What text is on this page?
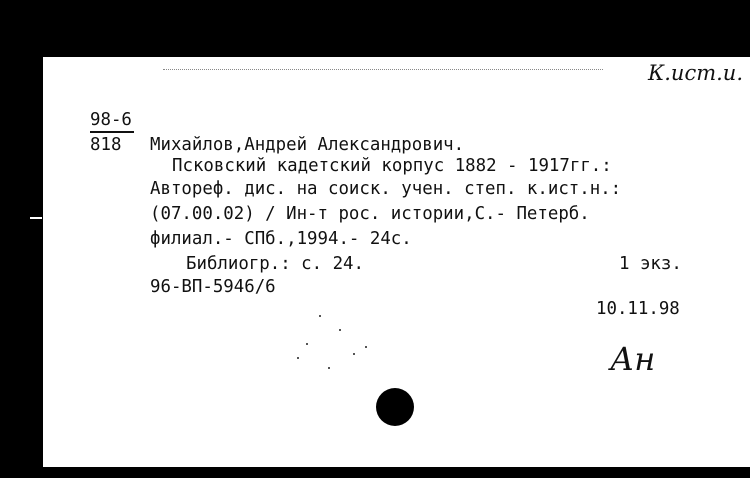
К.ист.и.
98-6
818 Михайлов,Андрей Александрович.
Псковский кадетский корпус 1882 - 1917гг.:
Автореф. дис. на соиск. учен. степ. к.ист.н.:
(07.00.02) / Ин-т рос. истории,С.- Петерб.
филиал.- СПб.,1994.- 24с.
Библиогр.: с. 24.	1 экз.
96-ВП-5946/6
10.11.98
Ан
